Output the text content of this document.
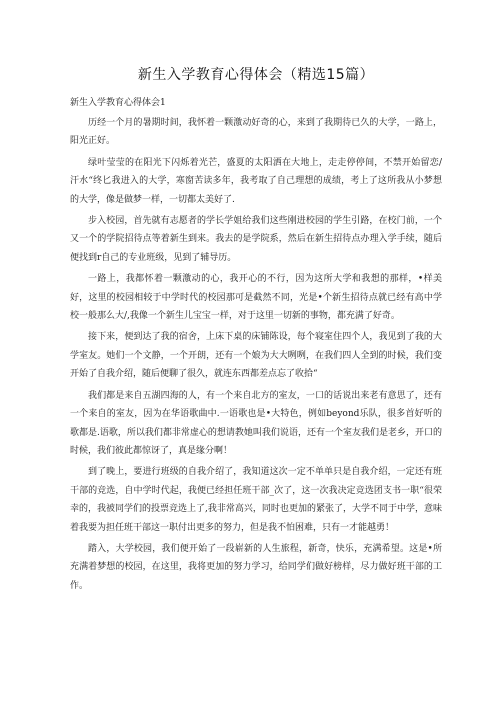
新生入学教育心得体会（精选15篇）

新生入学教育心得体会1

历经一个月的暑期时间，我怀着一颗激动好奇的心，来到了我期待已久的大学，一路上，阳光正好。

绿叶莹莹的在阳光下闪烁着光芒，盛夏的太阳洒在大地上，走走停停间，不禁开始留恋/汗水“终匕我进入的大学，寒窗苦读多年，我考取了自己理想的成绩，考上了这所我从小梦想的大学，像是做梦一样，一切都太美好了.

步入校园，首先就有志愿者的学长学姐给我们这些刚进校园的学生引路，在校门前，一个又一个的学院招待点等着新生到来。我去的是学院系，然后在新生招待点办理入学手续，随后便找到r自己的专业班级，见到了辅导历。

一路上，我都怀着一颗激动的心，我开心的不行，因为这所大学和我想的那样，•样美好，这里的校园相较于中学时代的校园那可是截然不同，光是•个新生招待点就已经有高中学校一般那么大/,我像一个新生儿宝宝一样，对于这里一切新的事物，都充满了好奇。

接下来，便到达了我的宿舍，上床下桌的床铺陈设，每个寝室住四个人，我见到了我的大学室友。她们一个文静，一个开朗，还有一个娘为大大咧咧，在我们四人全到的时候，我们变开始了自我介绍，随后便聊了很久，就连东西都差点忘了收拾“

我们都是来自五湖四海的人，有一个来自北方的室友，一口的话说出来老有意思了，还有一个来自的室友，因为在华语歌曲中.一语歌也是•大特色，例如beyond乐队，很多首好听的歌都是.语歌，所以我们都非常虚心的想请教她叫我们说语，还有一个室友我们是老乡，开口的时候，我们彼此都惊讶了，真是缘分啊！

到了晚上，要进行班级的自我介绍了，我知道这次一定不单单只是自我介绍，一定还有班干部的竞选，自中学时代起，我便已经担任班干部_次了，这一次我决定竞选团支书一职“很荣幸的，我被同学们的投票竞选上了,我非常高兴，同时也更加的紧张了，大学不同于中学，意味着我要为担任班干部这一职付出更多的努力，但是我不怕困难，只有一才能越勇！

踏入，大学校园，我们便开始了一段崭新的人生旅程，新奇，快乐，充满希望。这是•所充满着梦想的校园，在这里，我将更加的努力学习，给同学们做好榜样，尽力做好班干部的工作。
